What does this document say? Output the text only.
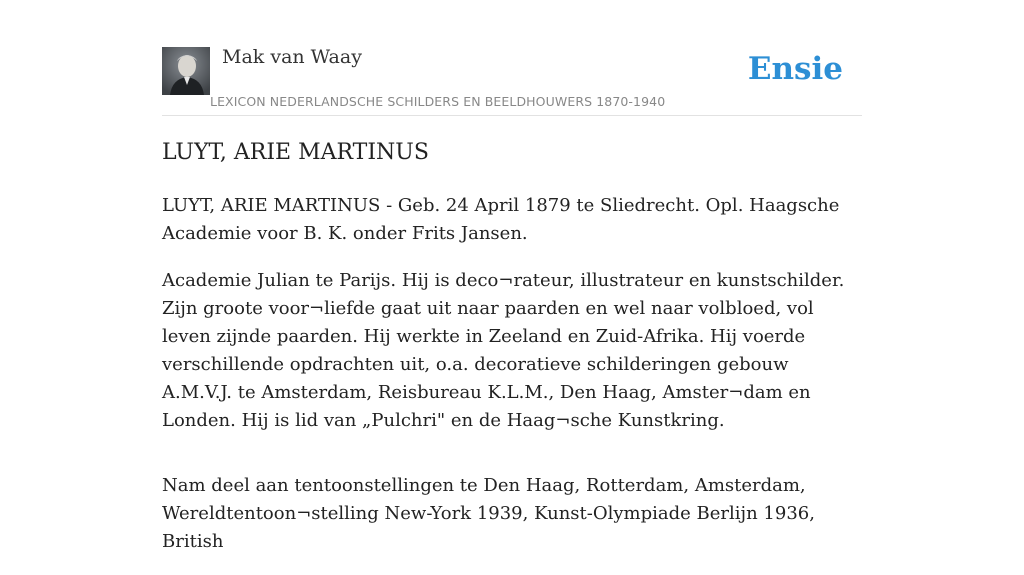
Mak van Waay
LEXICON NEDERLANDSCHE SCHILDERS EN BEELDHOUWERS 1870-1940
Ensie
LUYT, ARIE MARTINUS

LUYT, ARIE MARTINUS - Geb. 24 April 1879 te Sliedrecht. Opl. Haagsche Academie voor B. K. onder Frits Jansen.

Academie Julian te Parijs. Hij is deco¬rateur, illustrateur en kunstschilder. Zijn groote voor¬liefde gaat uit naar paarden en wel naar volbloed, vol leven zijnde paarden. Hij werkte in Zeeland en Zuid-Afrika. Hij voerde verschillende opdrachten uit, o.a. decoratieve schilderingen gebouw A.M.V.J. te Amsterdam, Reisbureau K.L.M., Den Haag, Amster¬dam en Londen. Hij is lid van „Pulchri" en de Haag¬sche Kunstkring.

Nam deel aan tentoonstellingen te Den Haag, Rotterdam, Amsterdam, Wereldtentoon¬stelling New-York 1939, Kunst-Olympiade Berlijn 1936, British
